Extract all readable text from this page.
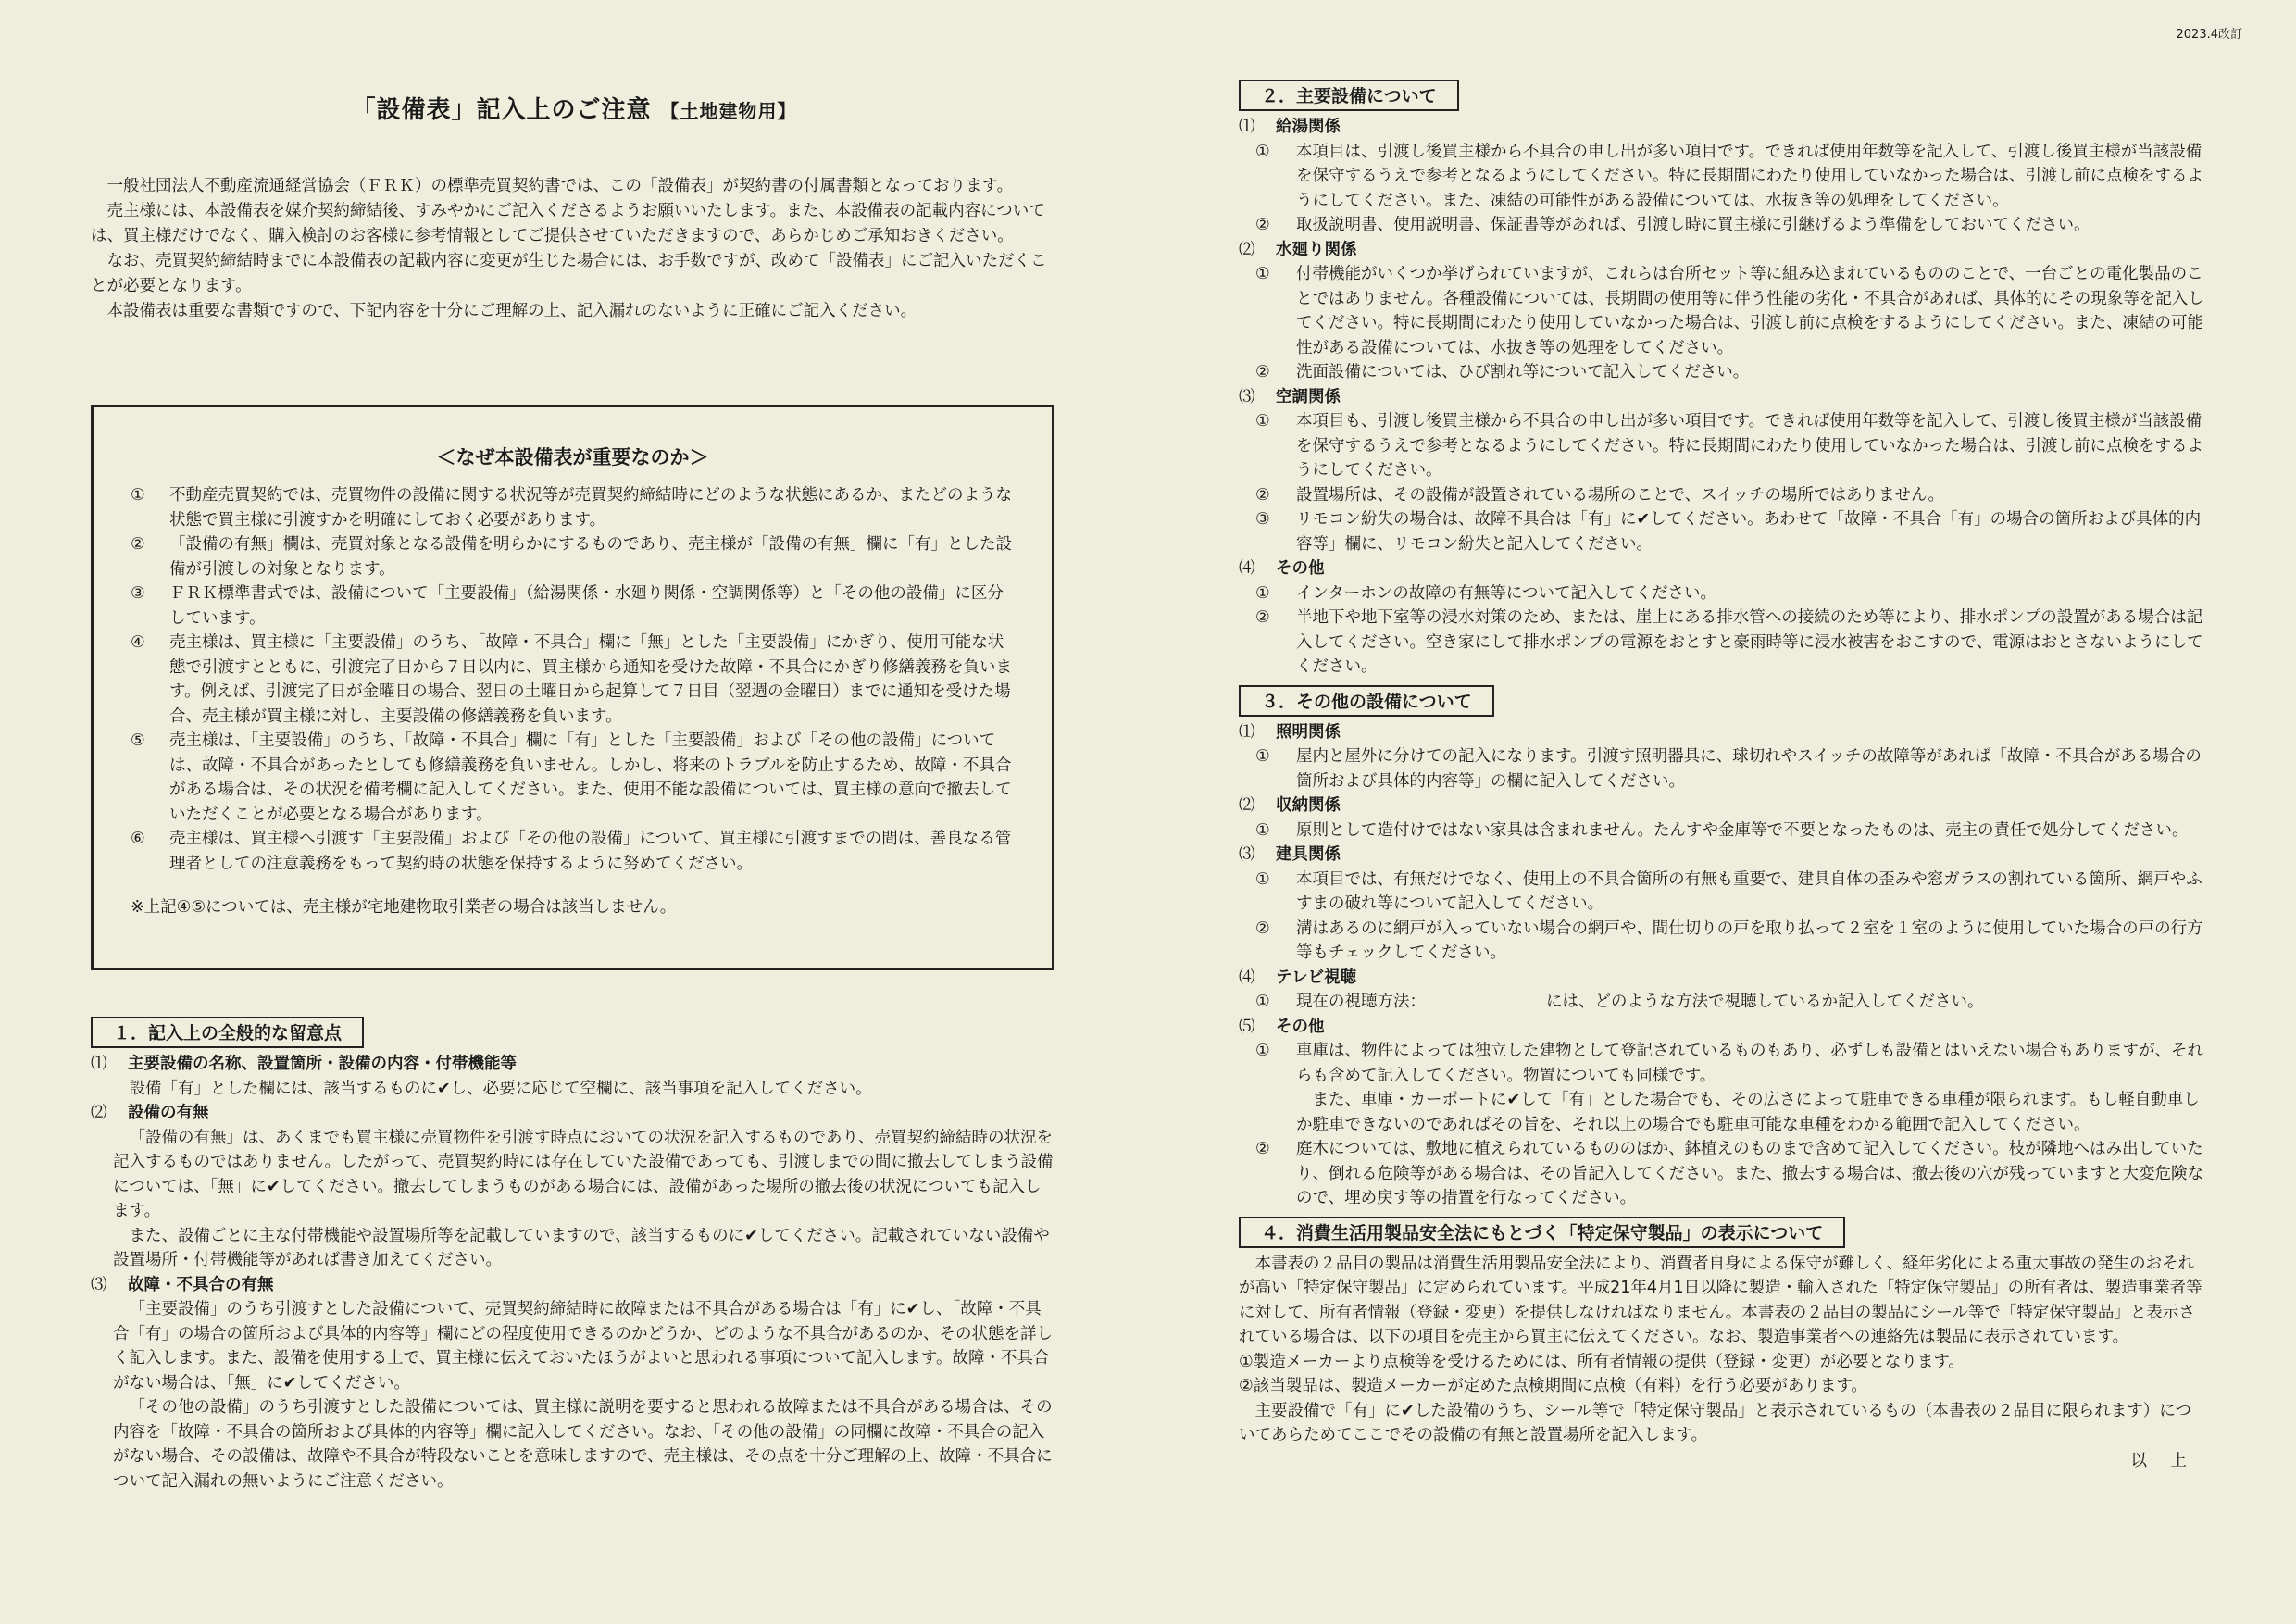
2023.4改訂
「設備表」記入上のご注意 【土地建物用】

一般社団法人不動産流通経営協会（ＦＲＫ）の標準売買契約書では、この「設備表」が契約書の付属書類となっております。

売主様には、本設備表を媒介契約締結後、すみやかにご記入くださるようお願いいたします。また、本設備表の記載内容については、買主様だけでなく、購入検討のお客様に参考情報としてご提供させていただきますので、あらかじめご承知おきください。

なお、売買契約締結時までに本設備表の記載内容に変更が生じた場合には、お手数ですが、改めて「設備表」にご記入いただくことが必要となります。

本設備表は重要な書類ですので、下記内容を十分にご理解の上、記入漏れのないように正確にご記入ください。

＜なぜ本設備表が重要なのか＞
①	不動産売買契約では、売買物件の設備に関する状況等が売買契約締結時にどのような状態にあるか、またどのような状態で買主様に引渡すかを明確にしておく必要があります。
②	「設備の有無」欄は、売買対象となる設備を明らかにするものであり、売主様が「設備の有無」欄に「有」とした設備が引渡しの対象となります。
③	ＦＲＫ標準書式では、設備について「主要設備」（給湯関係・水廻り関係・空調関係等）と「その他の設備」に区分しています。
④	売主様は、買主様に「主要設備」のうち、「故障・不具合」欄に「無」とした「主要設備」にかぎり、使用可能な状態で引渡すとともに、引渡完了日から７日以内に、買主様から通知を受けた故障・不具合にかぎり修繕義務を負います。例えば、引渡完了日が金曜日の場合、翌日の土曜日から起算して７日目（翌週の金曜日）までに通知を受けた場合、売主様が買主様に対し、主要設備の修繕義務を負います。
⑤	売主様は、「主要設備」のうち、「故障・不具合」欄に「有」とした「主要設備」および「その他の設備」については、故障・不具合があったとしても修繕義務を負いません。しかし、将来のトラブルを防止するため、故障・不具合がある場合は、その状況を備考欄に記入してください。また、使用不能な設備については、買主様の意向で撤去していただくことが必要となる場合があります。
⑥	売主様は、買主様へ引渡す「主要設備」および「その他の設備」について、買主様に引渡すまでの間は、善良なる管理者としての注意義務をもって契約時の状態を保持するように努めてください。
※上記④⑤については、売主様が宅地建物取引業者の場合は該当しません。
１．記入上の全般的な留意点
⑴	主要設備の名称、設置箇所・設備の内容・付帯機能等

設備「有」とした欄には、該当するものに✔し、必要に応じて空欄に、該当事項を記入してください。

⑵	設備の有無

「設備の有無」は、あくまでも買主様に売買物件を引渡す時点においての状況を記入するものであり、売買契約締結時の状況を記入するものではありません。したがって、売買契約時には存在していた設備であっても、引渡しまでの間に撤去してしまう設備については、「無」に✔してください。撤去してしまうものがある場合には、設備があった場所の撤去後の状況についても記入します。

また、設備ごとに主な付帯機能や設置場所等を記載していますので、該当するものに✔してください。記載されていない設備や設置場所・付帯機能等があれば書き加えてください。

⑶	故障・不具合の有無

「主要設備」のうち引渡すとした設備について、売買契約締結時に故障または不具合がある場合は「有」に✔し、「故障・不具合「有」の場合の箇所および具体的内容等」欄にどの程度使用できるのかどうか、どのような不具合があるのか、その状態を詳しく記入します。また、設備を使用する上で、買主様に伝えておいたほうがよいと思われる事項について記入します。故障・不具合がない場合は、「無」に✔してください。

「その他の設備」のうち引渡すとした設備については、買主様に説明を要すると思われる故障または不具合がある場合は、その内容を「故障・不具合の箇所および具体的内容等」欄に記入してください。なお、「その他の設備」の同欄に故障・不具合の記入がない場合、その設備は、故障や不具合が特段ないことを意味しますので、売主様は、その点を十分ご理解の上、故障・不具合について記入漏れの無いようにご注意ください。

２．主要設備について
⑴	給湯関係
①	本項目は、引渡し後買主様から不具合の申し出が多い項目です。できれば使用年数等を記入して、引渡し後買主様が当該設備を保守するうえで参考となるようにしてください。特に長期間にわたり使用していなかった場合は、引渡し前に点検をするようにしてください。また、凍結の可能性がある設備については、水抜き等の処理をしてください。
②	取扱説明書、使用説明書、保証書等があれば、引渡し時に買主様に引継げるよう準備をしておいてください。
⑵	水廻り関係
①	付帯機能がいくつか挙げられていますが、これらは台所セット等に組み込まれているもののことで、一台ごとの電化製品のことではありません。各種設備については、長期間の使用等に伴う性能の劣化・不具合があれば、具体的にその現象等を記入してください。特に長期間にわたり使用していなかった場合は、引渡し前に点検をするようにしてください。また、凍結の可能性がある設備については、水抜き等の処理をしてください。
②	洗面設備については、ひび割れ等について記入してください。
⑶	空調関係
①	本項目も、引渡し後買主様から不具合の申し出が多い項目です。できれば使用年数等を記入して、引渡し後買主様が当該設備を保守するうえで参考となるようにしてください。特に長期間にわたり使用していなかった場合は、引渡し前に点検をするようにしてください。
②	設置場所は、その設備が設置されている場所のことで、スイッチの場所ではありません。
③	リモコン紛失の場合は、故障不具合は「有」に✔してください。あわせて「故障・不具合「有」の場合の箇所および具体的内容等」欄に、リモコン紛失と記入してください。
⑷	その他
①	インターホンの故障の有無等について記入してください。
②	半地下や地下室等の浸水対策のため、または、崖上にある排水管への接続のため等により、排水ポンプの設置がある場合は記入してください。空き家にして排水ポンプの電源をおとすと豪雨時等に浸水被害をおこすので、電源はおとさないようにしてください。
３．その他の設備について
⑴	照明関係
①	屋内と屋外に分けての記入になります。引渡す照明器具に、球切れやスイッチの故障等があれば「故障・不具合がある場合の箇所および具体的内容等」の欄に記入してください。
⑵	収納関係
①	原則として造付けではない家具は含まれません。たんすや金庫等で不要となったものは、売主の責任で処分してください。
⑶	建具関係
①	本項目では、有無だけでなく、使用上の不具合箇所の有無も重要で、建具自体の歪みや窓ガラスの割れている箇所、網戸やふすまの破れ等について記入してください。
②	溝はあるのに網戸が入っていない場合の網戸や、間仕切りの戸を取り払って２室を１室のように使用していた場合の戸の行方等もチェックしてください。
⑷	テレビ視聴
①	現在の視聴方法：	には、どのような方法で視聴しているか記入してください。
⑸	その他
①	車庫は、物件によっては独立した建物として登記されているものもあり、必ずしも設備とはいえない場合もありますが、それらも含めて記入してください。物置についても同様です。
また、車庫・カーポートに✔して「有」とした場合でも、その広さによって駐車できる車種が限られます。もし軽自動車しか駐車できないのであればその旨を、それ以上の場合でも駐車可能な車種をわかる範囲で記入してください。
②	庭木については、敷地に植えられているもののほか、鉢植えのものまで含めて記入してください。枝が隣地へはみ出していたり、倒れる危険等がある場合は、その旨記入してください。また、撤去する場合は、撤去後の穴が残っていますと大変危険なので、埋め戻す等の措置を行なってください。
４．消費生活用製品安全法にもとづく「特定保守製品」の表示について

本書表の２品目の製品は消費生活用製品安全法により、消費者自身による保守が難しく、経年劣化による重大事故の発生のおそれが高い「特定保守製品」に定められています。平成21年4月1日以降に製造・輸入された「特定保守製品」の所有者は、製造事業者等に対して、所有者情報（登録・変更）を提供しなければなりません。本書表の２品目の製品にシール等で「特定保守製品」と表示されている場合は、以下の項目を売主から買主に伝えてください。なお、製造事業者への連絡先は製品に表示されています。

①製造メーカーより点検等を受けるためには、所有者情報の提供（登録・変更）が必要となります。

②該当製品は、製造メーカーが定めた点検期間に点検（有料）を行う必要があります。

主要設備で「有」に✔した設備のうち、シール等で「特定保守製品」と表示されているもの（本書表の２品目に限られます）についてあらためてここでその設備の有無と設置場所を記入します。

以　上
